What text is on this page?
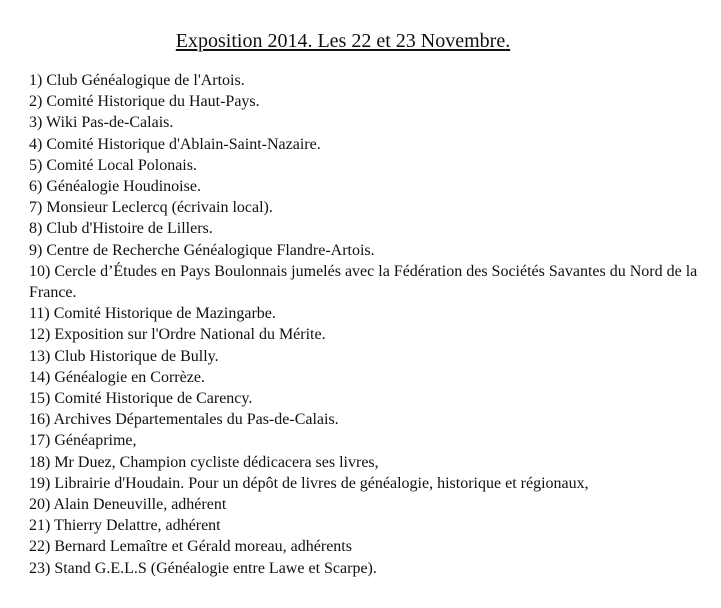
Exposition 2014. Les 22 et 23 Novembre.
1) Club Généalogique de l'Artois.
2) Comité Historique du Haut-Pays.
3) Wiki Pas-de-Calais.
4) Comité Historique d'Ablain-Saint-Nazaire.
5) Comité Local Polonais.
6) Généalogie Houdinoise.
7) Monsieur Leclercq (écrivain local).
8) Club d'Histoire de Lillers.
9) Centre de Recherche Généalogique Flandre-Artois.
10) Cercle d’Études en Pays Boulonnais jumelés avec la Fédération des Sociétés Savantes du Nord de la France.
11) Comité Historique de Mazingarbe.
12) Exposition sur l'Ordre National du Mérite.
13) Club Historique de Bully.
14) Généalogie en Corrèze.
15) Comité Historique de Carency.
16) Archives Départementales du Pas-de-Calais.
17) Généaprime,
18) Mr Duez, Champion cycliste dédicacera ses livres,
19) Librairie d'Houdain. Pour un dépôt de livres de généalogie, historique et régionaux,
20) Alain Deneuville, adhérent
21) Thierry Delattre, adhérent
22) Bernard Lemaître et Gérald moreau, adhérents
23) Stand G.E.L.S (Généalogie entre Lawe et Scarpe).
